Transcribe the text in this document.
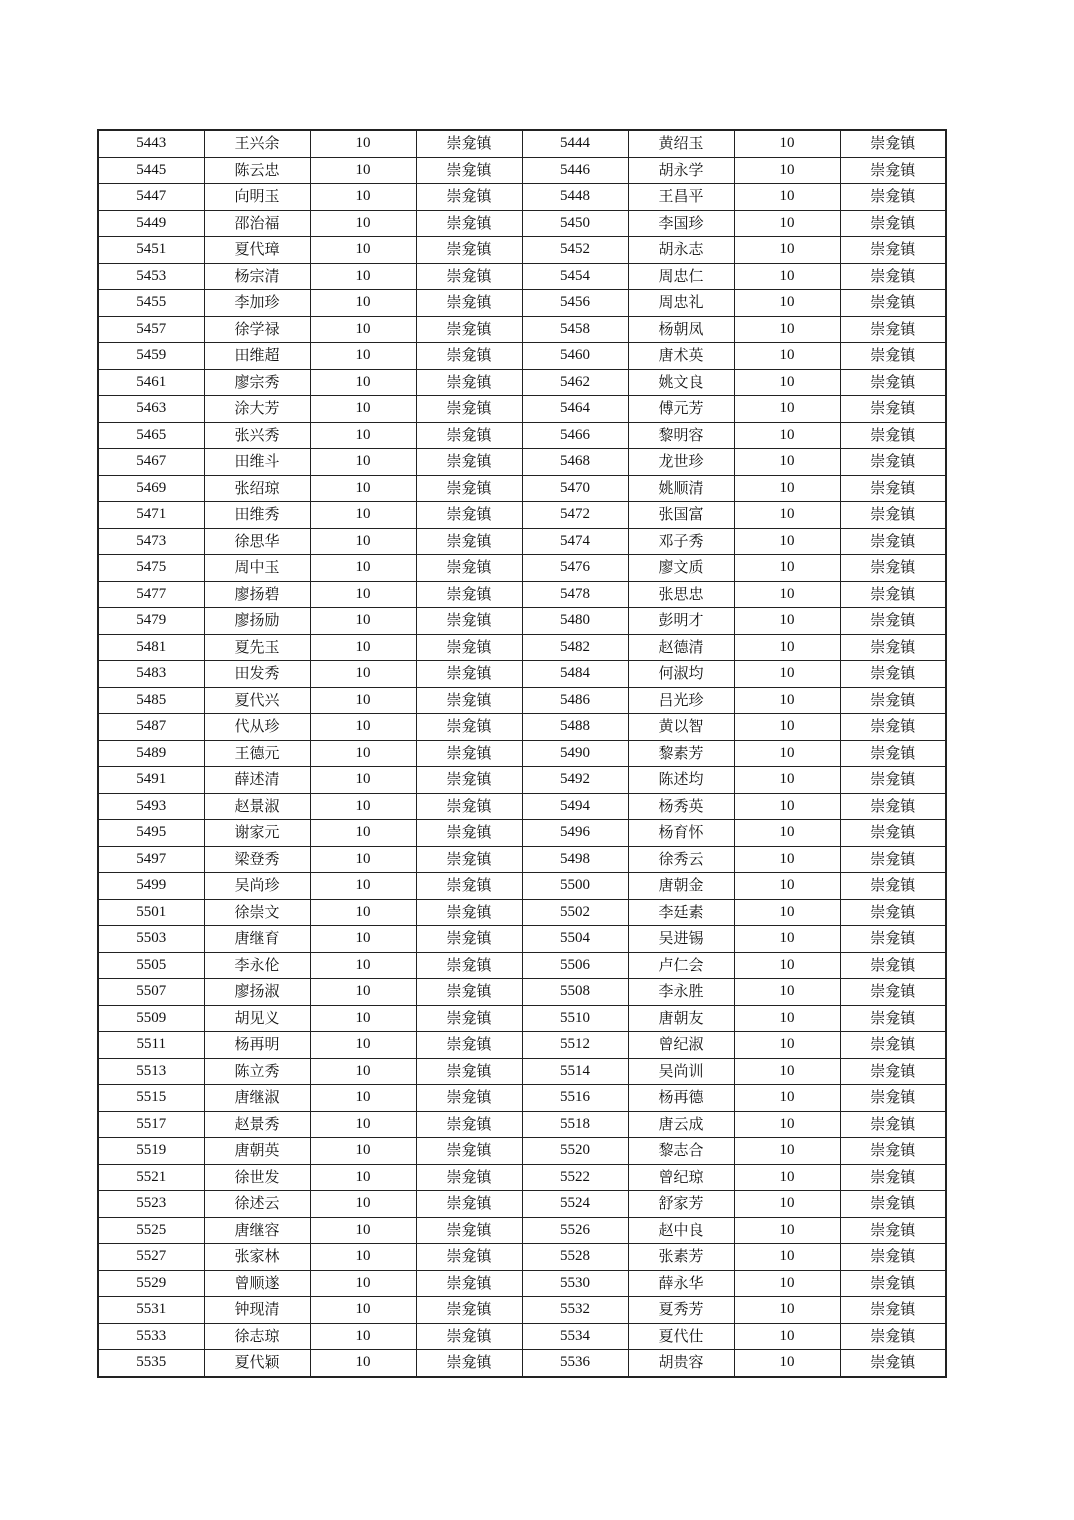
5443	王兴余	10	崇龛镇	5444	黄绍玉	10	崇龛镇
5445	陈云忠	10	崇龛镇	5446	胡永学	10	崇龛镇
5447	向明玉	10	崇龛镇	5448	王昌平	10	崇龛镇
5449	邵治福	10	崇龛镇	5450	李国珍	10	崇龛镇
5451	夏代璋	10	崇龛镇	5452	胡永志	10	崇龛镇
5453	杨宗清	10	崇龛镇	5454	周忠仁	10	崇龛镇
5455	李加珍	10	崇龛镇	5456	周忠礼	10	崇龛镇
5457	徐学禄	10	崇龛镇	5458	杨朝凤	10	崇龛镇
5459	田维超	10	崇龛镇	5460	唐术英	10	崇龛镇
5461	廖宗秀	10	崇龛镇	5462	姚文良	10	崇龛镇
5463	涂大芳	10	崇龛镇	5464	傅元芳	10	崇龛镇
5465	张兴秀	10	崇龛镇	5466	黎明容	10	崇龛镇
5467	田维斗	10	崇龛镇	5468	龙世珍	10	崇龛镇
5469	张绍琼	10	崇龛镇	5470	姚顺清	10	崇龛镇
5471	田维秀	10	崇龛镇	5472	张国富	10	崇龛镇
5473	徐思华	10	崇龛镇	5474	邓子秀	10	崇龛镇
5475	周中玉	10	崇龛镇	5476	廖文质	10	崇龛镇
5477	廖扬碧	10	崇龛镇	5478	张思忠	10	崇龛镇
5479	廖扬励	10	崇龛镇	5480	彭明才	10	崇龛镇
5481	夏先玉	10	崇龛镇	5482	赵德清	10	崇龛镇
5483	田发秀	10	崇龛镇	5484	何淑均	10	崇龛镇
5485	夏代兴	10	崇龛镇	5486	吕光珍	10	崇龛镇
5487	代从珍	10	崇龛镇	5488	黄以智	10	崇龛镇
5489	王德元	10	崇龛镇	5490	黎素芳	10	崇龛镇
5491	薛述清	10	崇龛镇	5492	陈述均	10	崇龛镇
5493	赵景淑	10	崇龛镇	5494	杨秀英	10	崇龛镇
5495	谢家元	10	崇龛镇	5496	杨育怀	10	崇龛镇
5497	梁登秀	10	崇龛镇	5498	徐秀云	10	崇龛镇
5499	吴尚珍	10	崇龛镇	5500	唐朝金	10	崇龛镇
5501	徐崇文	10	崇龛镇	5502	李廷素	10	崇龛镇
5503	唐继育	10	崇龛镇	5504	吴进锡	10	崇龛镇
5505	李永伦	10	崇龛镇	5506	卢仁会	10	崇龛镇
5507	廖扬淑	10	崇龛镇	5508	李永胜	10	崇龛镇
5509	胡见义	10	崇龛镇	5510	唐朝友	10	崇龛镇
5511	杨再明	10	崇龛镇	5512	曾纪淑	10	崇龛镇
5513	陈立秀	10	崇龛镇	5514	吴尚训	10	崇龛镇
5515	唐继淑	10	崇龛镇	5516	杨再德	10	崇龛镇
5517	赵景秀	10	崇龛镇	5518	唐云成	10	崇龛镇
5519	唐朝英	10	崇龛镇	5520	黎志合	10	崇龛镇
5521	徐世发	10	崇龛镇	5522	曾纪琼	10	崇龛镇
5523	徐述云	10	崇龛镇	5524	舒家芳	10	崇龛镇
5525	唐继容	10	崇龛镇	5526	赵中良	10	崇龛镇
5527	张家林	10	崇龛镇	5528	张素芳	10	崇龛镇
5529	曾顺遂	10	崇龛镇	5530	薛永华	10	崇龛镇
5531	钟现清	10	崇龛镇	5532	夏秀芳	10	崇龛镇
5533	徐志琼	10	崇龛镇	5534	夏代仕	10	崇龛镇
5535	夏代颖	10	崇龛镇	5536	胡贵容	10	崇龛镇
